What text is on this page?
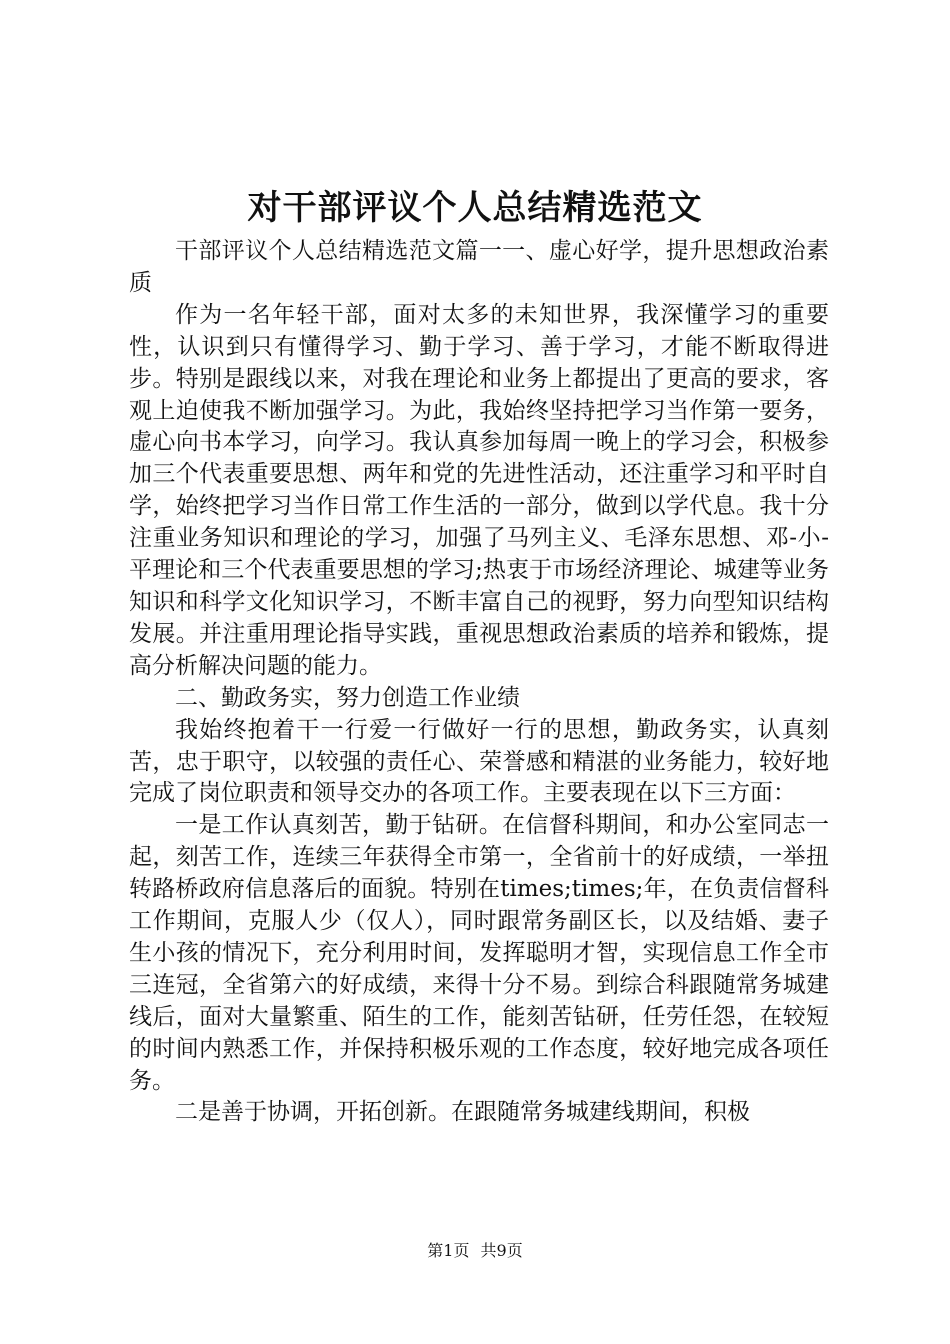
对干部评议个人总结精选范文

干部评议个人总结精选范文篇一一、虚心好学，提升思想政治素质

作为一名年轻干部，面对太多的未知世界，我深懂学习的重要性，认识到只有懂得学习、勤于学习、善于学习，才能不断取得进步。特别是跟线以来，对我在理论和业务上都提出了更高的要求，客观上迫使我不断加强学习。为此，我始终坚持把学习当作第一要务，虚心向书本学习，向学习。我认真参加每周一晚上的学习会，积极参加三个代表重要思想、两年和党的先进性活动，还注重学习和平时自学，始终把学习当作日常工作生活的一部分，做到以学代息。我十分注重业务知识和理论的学习，加强了马列主义、毛泽东思想、邓-小-平理论和三个代表重要思想的学习;热衷于市场经济理论、城建等业务知识和科学文化知识学习，不断丰富自己的视野，努力向型知识结构发展。并注重用理论指导实践，重视思想政治素质的培养和锻炼，提高分析解决问题的能力。

二、勤政务实，努力创造工作业绩

我始终抱着干一行爱一行做好一行的思想，勤政务实，认真刻苦，忠于职守，以较强的责任心、荣誉感和精湛的业务能力，较好地完成了岗位职责和领导交办的各项工作。主要表现在以下三方面：

一是工作认真刻苦，勤于钻研。在信督科期间，和办公室同志一起，刻苦工作，连续三年获得全市第一，全省前十的好成绩，一举扭转路桥政府信息落后的面貌。特别在times;times;年，在负责信督科工作期间，克服人少（仅人），同时跟常务副区长，以及结婚、妻子生小孩的情况下，充分利用时间，发挥聪明才智，实现信息工作全市三连冠，全省第六的好成绩，来得十分不易。到综合科跟随常务城建线后，面对大量繁重、陌生的工作，能刻苦钻研，任劳任怨，在较短的时间内熟悉工作，并保持积极乐观的工作态度，较好地完成各项任务。

二是善于协调，开拓创新。在跟随常务城建线期间，积极

第1页 共9页
